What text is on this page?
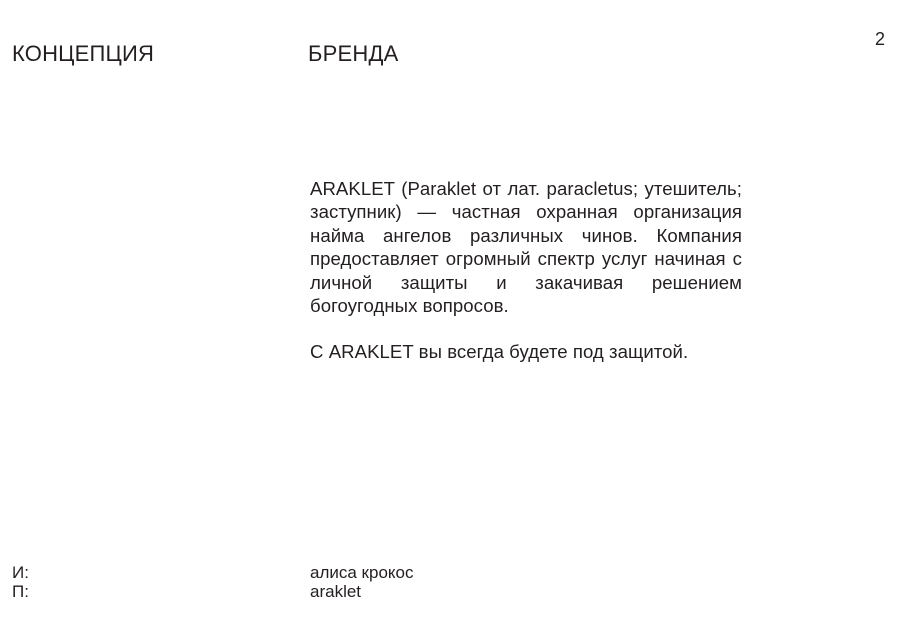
КОНЦЕПЦИЯ	БРЕНДА
2

ARAKLET (Paraklet от лат. paracletus; утешитель; заступник) — частная охранная организация найма ангелов различных чинов. Компания предоставляет огромный спектр услуг начиная с личной защиты и закачивая решением богоугодных вопросов.

С ARAKLET вы всегда будете под защитой.

И:
П:
алиса крокос
araklet
